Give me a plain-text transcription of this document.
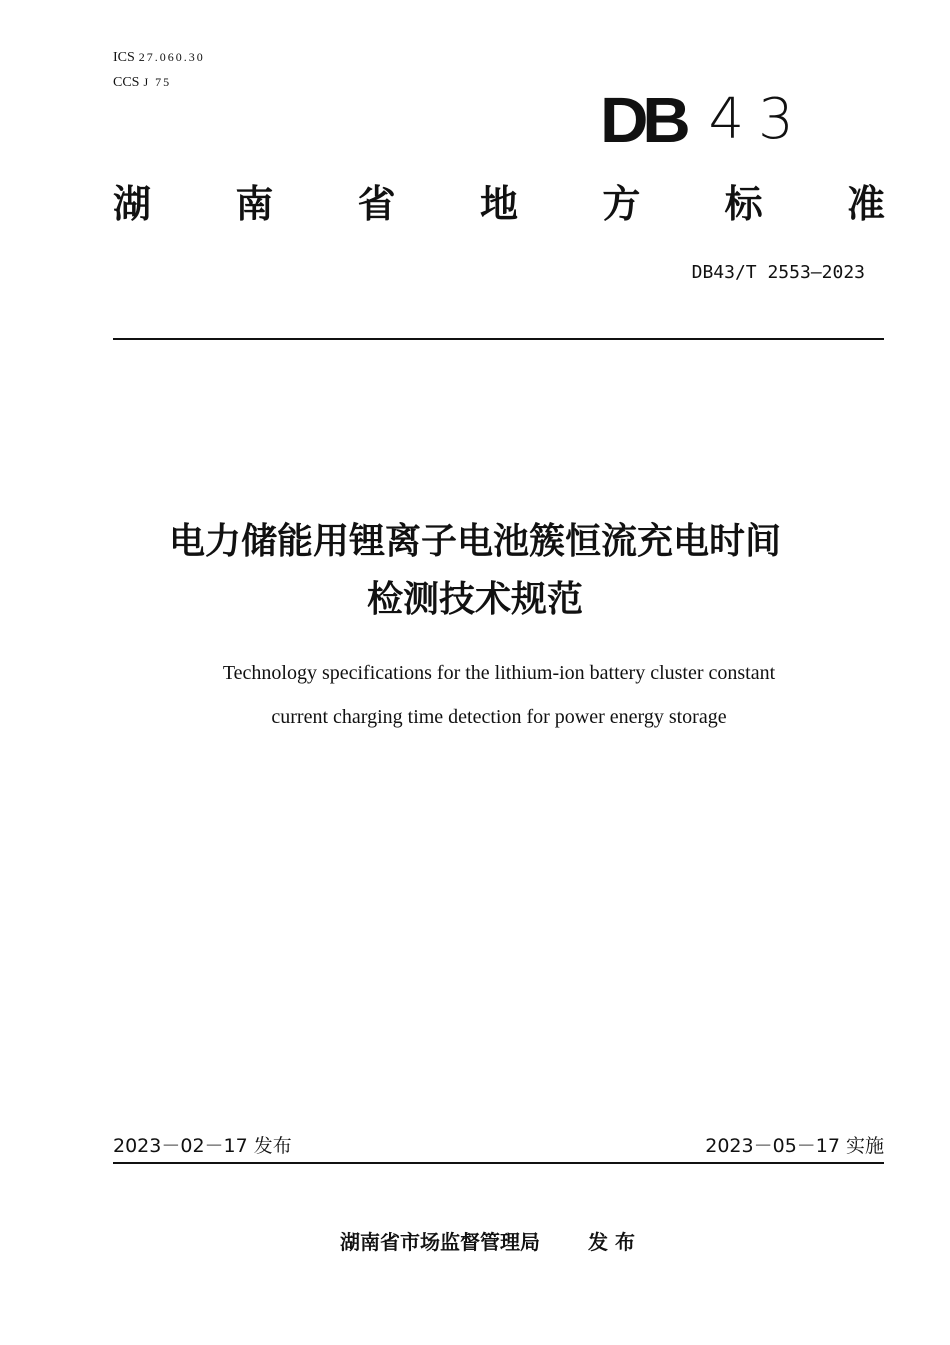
ICS 27.060.30
CCS J 75
DB 43
湖 南 省 地 方 标 准
DB43/T 2553—2023
电力储能用锂离子电池簇恒流充电时间
检测技术规范
Technology specifications for the lithium-ion battery cluster constant
current charging time detection for power energy storage
2023－02－17 发布	2023－05－17 实施
湖南省市场监督管理局 发 布
